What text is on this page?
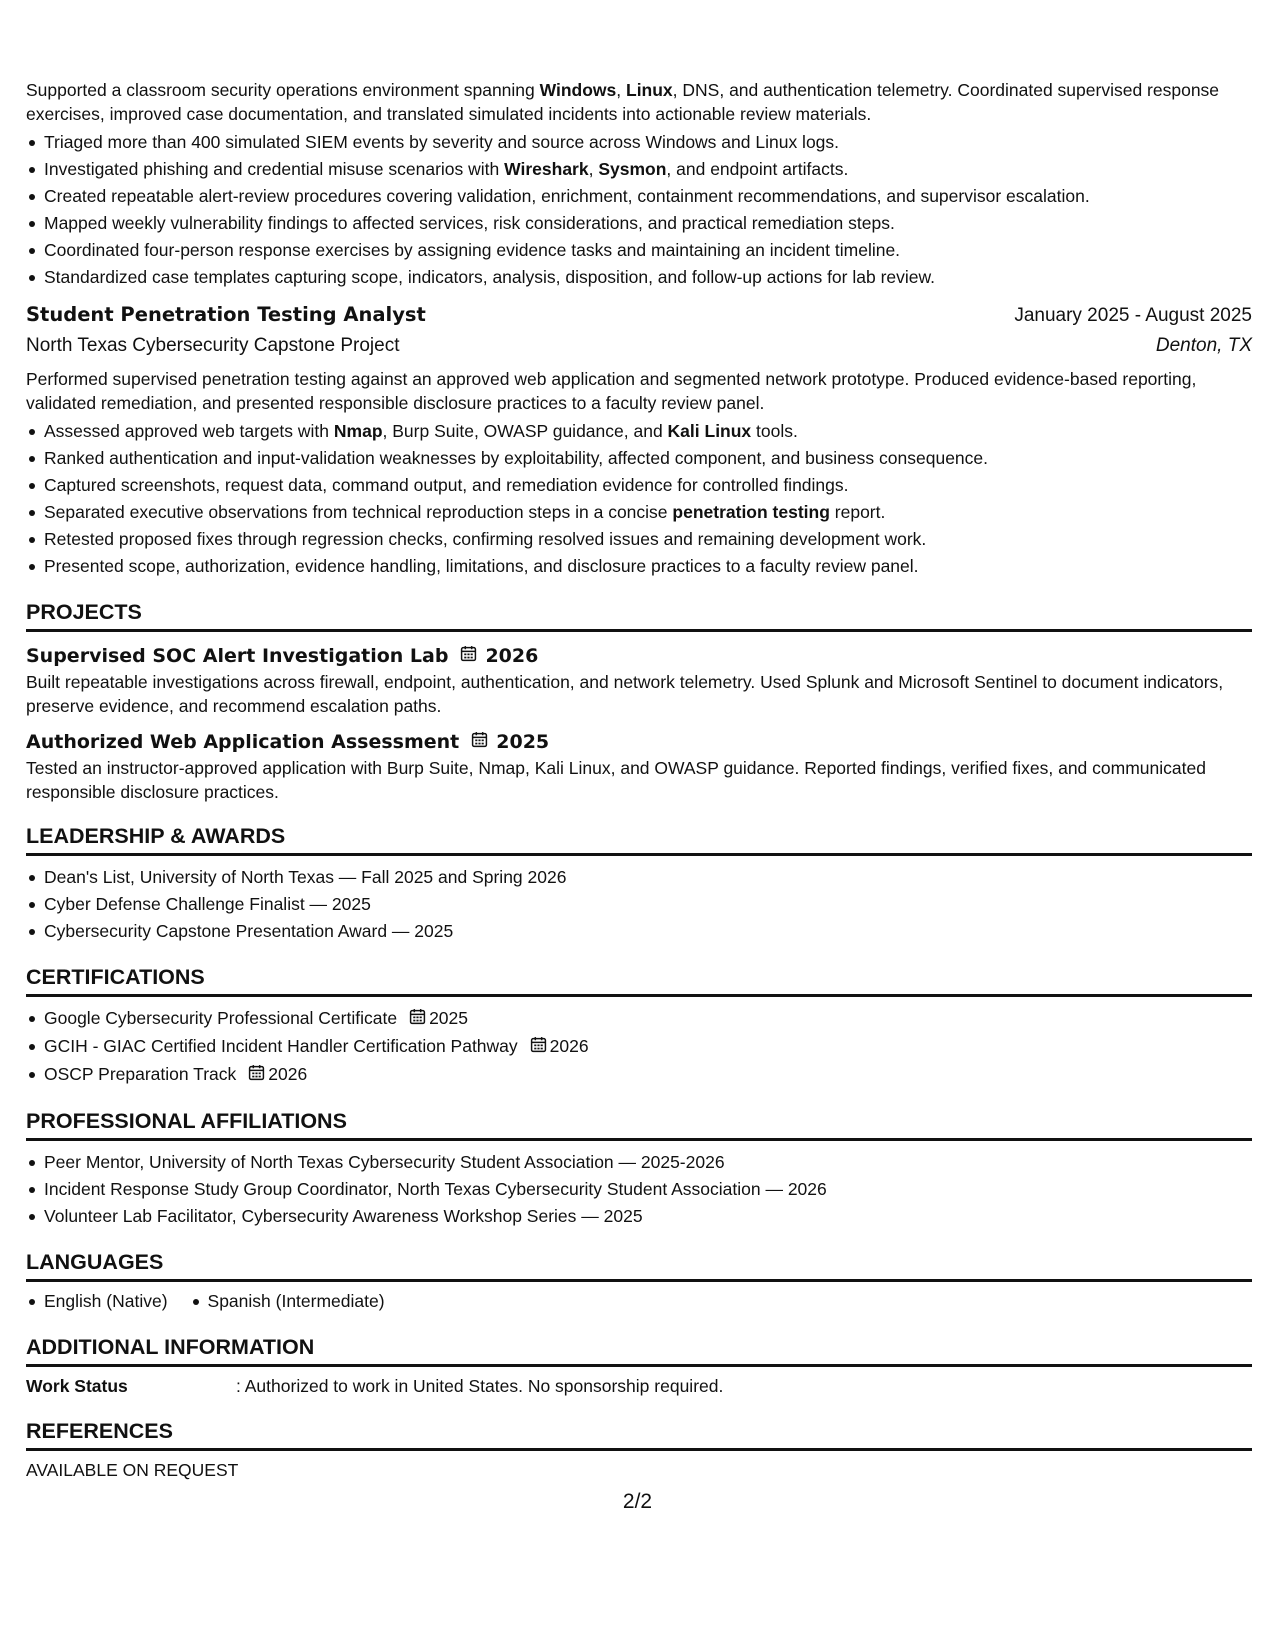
Supported a classroom security operations environment spanning Windows, Linux, DNS, and authentication telemetry. Coordinated supervised response exercises, improved case documentation, and translated simulated incidents into actionable review materials.

Triaged more than 400 simulated SIEM events by severity and source across Windows and Linux logs.
Investigated phishing and credential misuse scenarios with Wireshark, Sysmon, and endpoint artifacts.
Created repeatable alert-review procedures covering validation, enrichment, containment recommendations, and supervisor escalation.
Mapped weekly vulnerability findings to affected services, risk considerations, and practical remediation steps.
Coordinated four-person response exercises by assigning evidence tasks and maintaining an incident timeline.
Standardized case templates capturing scope, indicators, analysis, disposition, and follow-up actions for lab review.
Student Penetration Testing Analyst	January 2025 - August 2025
North Texas Cybersecurity Capstone Project	Denton, TX

Performed supervised penetration testing against an approved web application and segmented network prototype. Produced evidence-based reporting, validated remediation, and presented responsible disclosure practices to a faculty review panel.

Assessed approved web targets with Nmap, Burp Suite, OWASP guidance, and Kali Linux tools.
Ranked authentication and input-validation weaknesses by exploitability, affected component, and business consequence.
Captured screenshots, request data, command output, and remediation evidence for controlled findings.
Separated executive observations from technical reproduction steps in a concise penetration testing report.
Retested proposed fixes through regression checks, confirming resolved issues and remaining development work.
Presented scope, authorization, evidence handling, limitations, and disclosure practices to a faculty review panel.
PROJECTS
Supervised SOC Alert Investigation Lab 2026

Built repeatable investigations across firewall, endpoint, authentication, and network telemetry. Used Splunk and Microsoft Sentinel to document indicators, preserve evidence, and recommend escalation paths.

Authorized Web Application Assessment 2025

Tested an instructor-approved application with Burp Suite, Nmap, Kali Linux, and OWASP guidance. Reported findings, verified fixes, and communicated responsible disclosure practices.

LEADERSHIP & AWARDS
Dean's List, University of North Texas — Fall 2025 and Spring 2026
Cyber Defense Challenge Finalist — 2025
Cybersecurity Capstone Presentation Award — 2025
CERTIFICATIONS
Google Cybersecurity Professional Certificate 2025
GCIH - GIAC Certified Incident Handler Certification Pathway 2026
OSCP Preparation Track 2026
PROFESSIONAL AFFILIATIONS
Peer Mentor, University of North Texas Cybersecurity Student Association — 2025-2026
Incident Response Study Group Coordinator, North Texas Cybersecurity Student Association — 2026
Volunteer Lab Facilitator, Cybersecurity Awareness Workshop Series — 2025
LANGUAGES
English (Native) Spanish (Intermediate)
ADDITIONAL INFORMATION
Work Status	: Authorized to work in United States. No sponsorship required.
REFERENCES
AVAILABLE ON REQUEST
2/2
